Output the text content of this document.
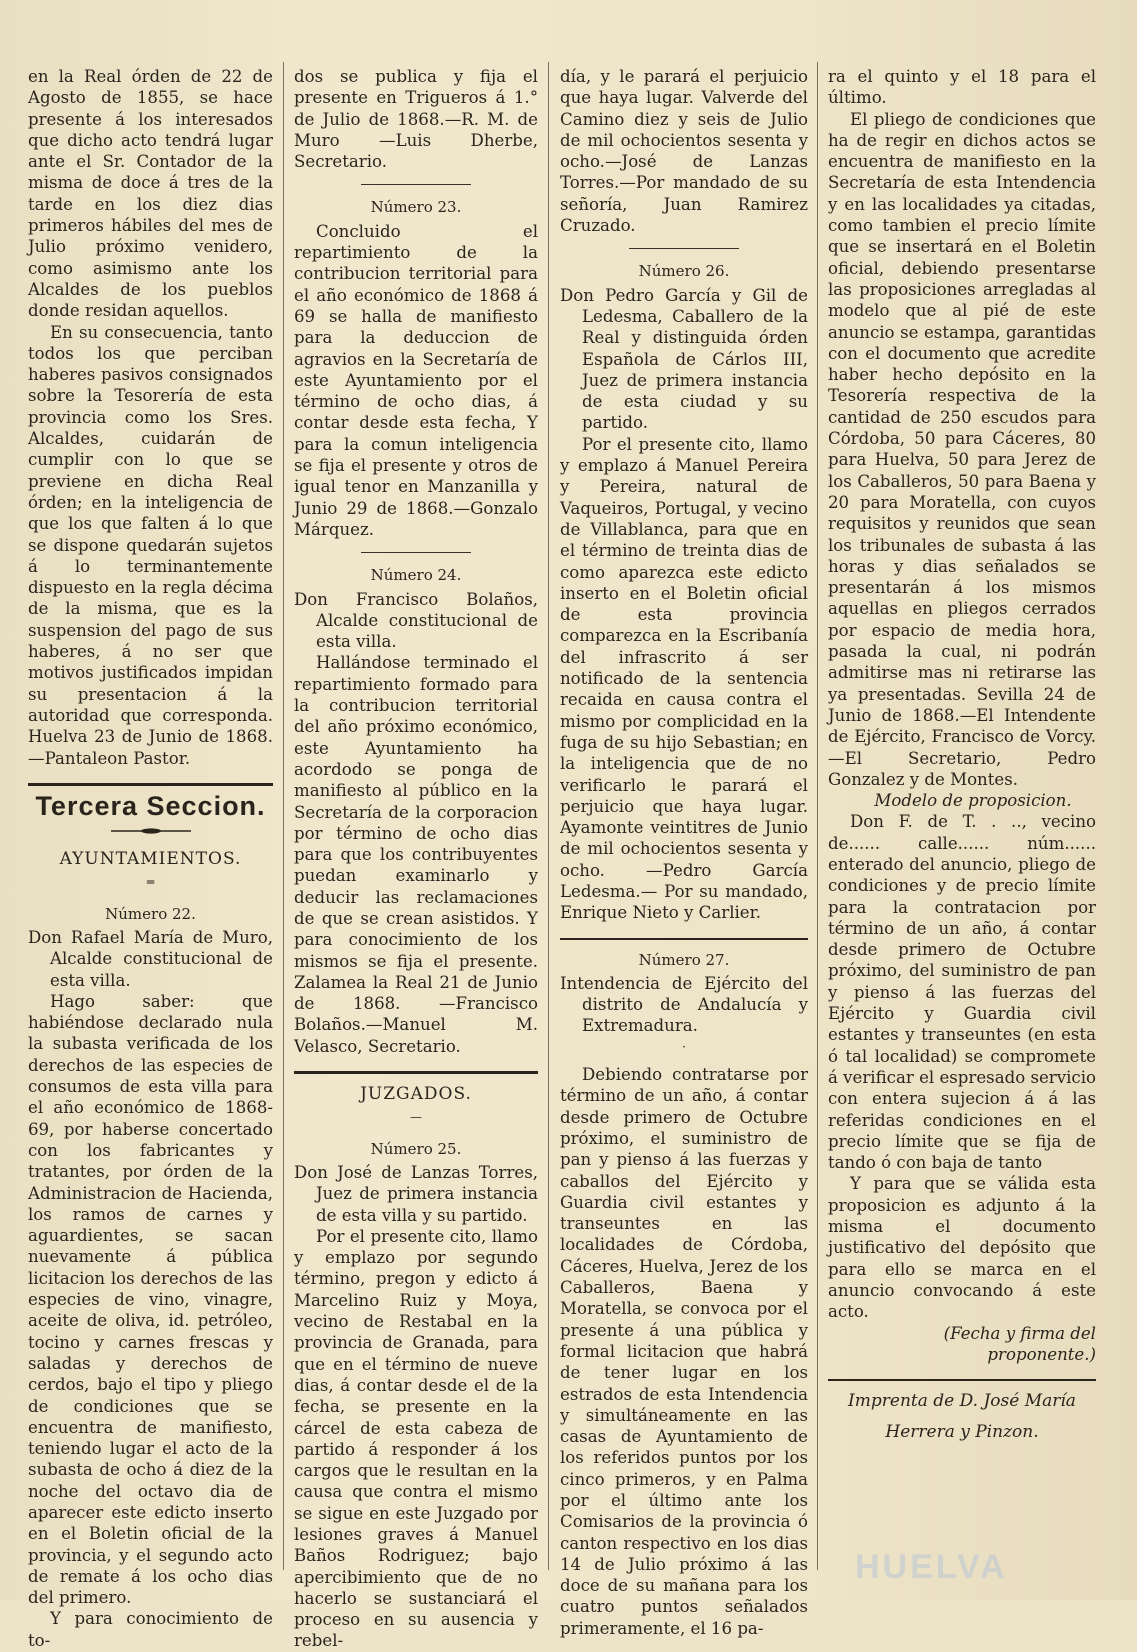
en la Real órden de 22 de Agosto de 1855, se hace presente á los interesados que dicho acto tendrá lugar ante el Sr. Contador de la misma de doce á tres de la tarde en los diez dias primeros hábiles del mes de Julio próximo venidero, como asimismo ante los Alcaldes de los pueblos donde residan aquellos.

En su consecuencia, tanto todos los que perciban haberes pasivos consignados sobre la Tesorería de esta provincia como los Sres. Alcaldes, cuidarán de cumplir con lo que se previene en dicha Real órden; en la inteligencia de que los que falten á lo que se dispone quedarán sujetos á lo terminantemente dispuesto en la regla décima de la misma, que es la suspension del pago de sus haberes, á no ser que motivos justificados impidan su presentacion á la autoridad que corresponda. Huelva 23 de Junio de 1868. —Pantaleon Pastor.

Tercera Seccion.
AYUNTAMIENTOS.
═
Número 22.

Don Rafael María de Muro, Alcalde constitucional de esta villa.

Hago saber: que habiéndose declarado nula la subasta verificada de los derechos de las especies de consumos de esta villa para el año económico de 1868-69, por haberse concertado con los fabricantes y tratantes, por órden de la Administracion de Hacienda, los ramos de carnes y aguardientes, se sacan nuevamente á pública licitacion los derechos de las especies de vino, vinagre, aceite de oliva, id. petróleo, tocino y carnes frescas y saladas y derechos de cerdos, bajo el tipo y pliego de condiciones que se encuentra de manifiesto, teniendo lugar el acto de la subasta de ocho á diez de la noche del octavo dia de aparecer este edicto inserto en el Boletin oficial de la provincia, y el segundo acto de remate á los ocho dias del primero.

Y para conocimiento de to-

dos se publica y fija el presente en Trigueros á 1.° de Julio de 1868.—R. M. de Muro —Luis Dherbe, Secretario.

Número 23.

Concluido el repartimiento de la contribucion territorial para el año económico de 1868 á 69 se halla de manifiesto para la deduccion de agravios en la Secretaría de este Ayuntamiento por el término de ocho dias, á contar desde esta fecha, Y para la comun inteligencia se fija el presente y otros de igual tenor en Manzanilla y Junio 29 de 1868.—Gonzalo Márquez.

Número 24.

Don Francisco Bolaños, Alcalde constitucional de esta villa.

Hallándose terminado el repartimiento formado para la contribucion territorial del año próximo económico, este Ayuntamiento ha acordodo se ponga de manifiesto al público en la Secretaría de la corporacion por término de ocho dias para que los contribuyentes puedan examinarlo y deducir las reclamaciones de que se crean asistidos. Y para conocimiento de los mismos se fija el presente. Zalamea la Real 21 de Junio de 1868. —Francisco Bolaños.—Manuel M. Velasco, Secretario.

JUZGADOS.
—
Número 25.

Don José de Lanzas Torres, Juez de primera instancia de esta villa y su partido.

Por el presente cito, llamo y emplazo por segundo término, pregon y edicto á Marcelino Ruiz y Moya, vecino de Restabal en la provincia de Granada, para que en el término de nueve dias, á contar desde el de la fecha, se presente en la cárcel de esta cabeza de partido á responder á los cargos que le resultan en la causa que contra el mismo se sigue en este Juzgado por lesiones graves á Manuel Baños Rodriguez; bajo apercibimiento que de no hacerlo se sustanciará el proceso en su ausencia y rebel-

día, y le parará el perjuicio que haya lugar. Valverde del Camino diez y seis de Julio de mil ochocientos sesenta y ocho.—José de Lanzas Torres.—Por mandado de su señoría, Juan Ramirez Cruzado.

Número 26.

Don Pedro García y Gil de Ledesma, Caballero de la Real y distinguida órden Española de Cárlos III, Juez de primera instancia de esta ciudad y su partido.

Por el presente cito, llamo y emplazo á Manuel Pereira y Pereira, natural de Vaqueiros, Portugal, y vecino de Villablanca, para que en el término de treinta dias de como aparezca este edicto inserto en el Boletin oficial de esta provincia comparezca en la Escribanía del infrascrito á ser notificado de la sentencia recaida en causa contra el mismo por complicidad en la fuga de su hijo Sebastian; en la inteligencia que de no verificarlo le parará el perjuicio que haya lugar. Ayamonte veintitres de Junio de mil ochocientos sesenta y ocho. —Pedro García Ledesma.— Por su mandado, Enrique Nieto y Carlier.

Número 27.

Intendencia de Ejército del distrito de Andalucía y Extremadura.

·

Debiendo contratarse por término de un año, á contar desde primero de Octubre próximo, el suministro de pan y pienso á las fuerzas y caballos del Ejército y Guardia civil estantes y transeuntes en las localidades de Córdoba, Cáceres, Huelva, Jerez de los Caballeros, Baena y Moratella, se convoca por el presente á una pública y formal licitacion que habrá de tener lugar en los estrados de esta Intendencia y simultáneamente en las casas de Ayuntamiento de los referidos puntos por los cinco primeros, y en Palma por el último ante los Comisarios de la provincia ó canton respectivo en los dias 14 de Julio próximo á las doce de su mañana para los cuatro puntos señalados primeramente, el 16 pa-

ra el quinto y el 18 para el último.

El pliego de condiciones que ha de regir en dichos actos se encuentra de manifiesto en la Secretaría de esta Intendencia y en las localidades ya citadas, como tambien el precio límite que se insertará en el Boletin oficial, debiendo presentarse las proposiciones arregladas al modelo que al pié de este anuncio se estampa, garantidas con el documento que acredite haber hecho depósito en la Tesorería respectiva de la cantidad de 250 escudos para Córdoba, 50 para Cáceres, 80 para Huelva, 50 para Jerez de los Caballeros, 50 para Baena y 20 para Moratella, con cuyos requisitos y reunidos que sean los tribunales de subasta á las horas y dias señalados se presentarán á los mismos aquellas en pliegos cerrados por espacio de media hora, pasada la cual, ni podrán admitirse mas ni retirarse las ya presentadas. Sevilla 24 de Junio de 1868.—El Intendente de Ejército, Francisco de Vorcy.—El Secretario, Pedro Gonzalez y de Montes.

Modelo de proposicion.

Don F. de T. . .., vecino de...... calle...... núm...... enterado del anuncio, pliego de condiciones y de precio límite para la contratacion por término de un año, á contar desde primero de Octubre próximo, del suministro de pan y pienso á las fuerzas del Ejército y Guardia civil estantes y transeuntes (en esta ó tal localidad) se compromete á verificar el espresado servicio con entera sujecion á á las referidas condiciones en el precio límite que se fija de tando ó con baja de tanto

Y para que se válida esta proposicion es adjunto á la misma el documento justificativo del depósito que para ello se marca en el anuncio convocando á este acto.

(Fecha y firma del proponente.)

Imprenta de D. José María
Herrera y Pinzon.
HUELVA
